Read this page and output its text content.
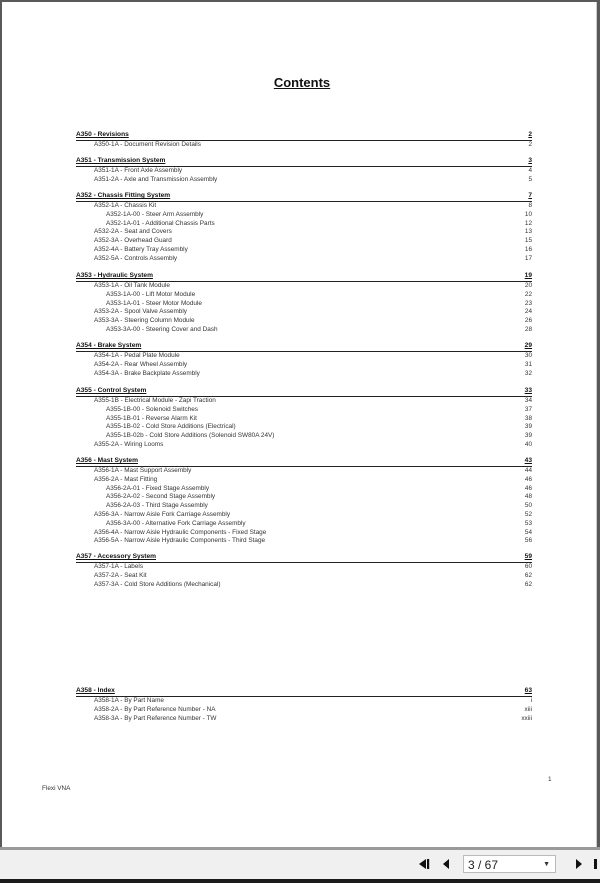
Contents
A350 - Revisions	2
A350-1A - Document Revision Details	2
A351 - Transmission System	3
A351-1A - Front Axle Assembly	4
A351-2A - Axle and Transmission Assembly	5
A352 - Chassis Fitting System	7
A352-1A - Chassis Kit	8
A352-1A-00 - Steer Arm Assembly	10
A352-1A-01 - Additional Chassis Parts	12
A532-2A - Seat and Covers	13
A352-3A - Overhead Guard	15
A352-4A - Battery Tray Assembly	16
A352-5A - Controls Assembly	17
A353 - Hydraulic System	19
A353-1A - Oil Tank Module	20
A353-1A-00 - Lift Motor Module	22
A353-1A-01 - Steer Motor Module	23
A353-2A - Spool Valve Assembly	24
A353-3A - Steering Column Module	26
A353-3A-00 - Steering Cover and Dash	28
A354 - Brake System	29
A354-1A - Pedal Plate Module	30
A354-2A - Rear Wheel Assembly	31
A354-3A - Brake Backplate Assembly	32
A355 - Control System	33
A355-1B - Electrical Module - Zapi Traction	34
A355-1B-00 - Solenoid Switches	37
A355-1B-01 - Reverse Alarm Kit	38
A355-1B-02 - Cold Store Additions (Electrical)	39
A355-1B-02b - Cold Store Additions (Solenoid SW80A 24V)	39
A355-2A - Wiring Looms	40
A356 - Mast System	43
A356-1A - Mast Support Assembly	44
A356-2A - Mast Fitting	46
A356-2A-01 - Fixed Stage Assembly	46
A356-2A-02 - Second Stage Assembly	48
A356-2A-03 - Third Stage Assembly	50
A356-3A - Narrow Aisle Fork Carriage Assembly	52
A356-3A-00 - Alternative Fork Carriage Assembly	53
A356-4A - Narrow Aisle Hydraulic Components - Fixed Stage	54
A356-5A - Narrow Aisle Hydraulic Components - Third Stage	56
A357 - Accessory System	59
A357-1A - Labels	60
A357-2A - Seat Kit	62
A357-3A - Cold Store Additions (Mechanical)	62
A358 - Index	63
A358-1A - By Part Name	i
A358-2A - By Part Reference Number - NA	xiii
A358-3A - By Part Reference Number - TW	xxiii
1
Flexi VNA
3 / 67	▼
